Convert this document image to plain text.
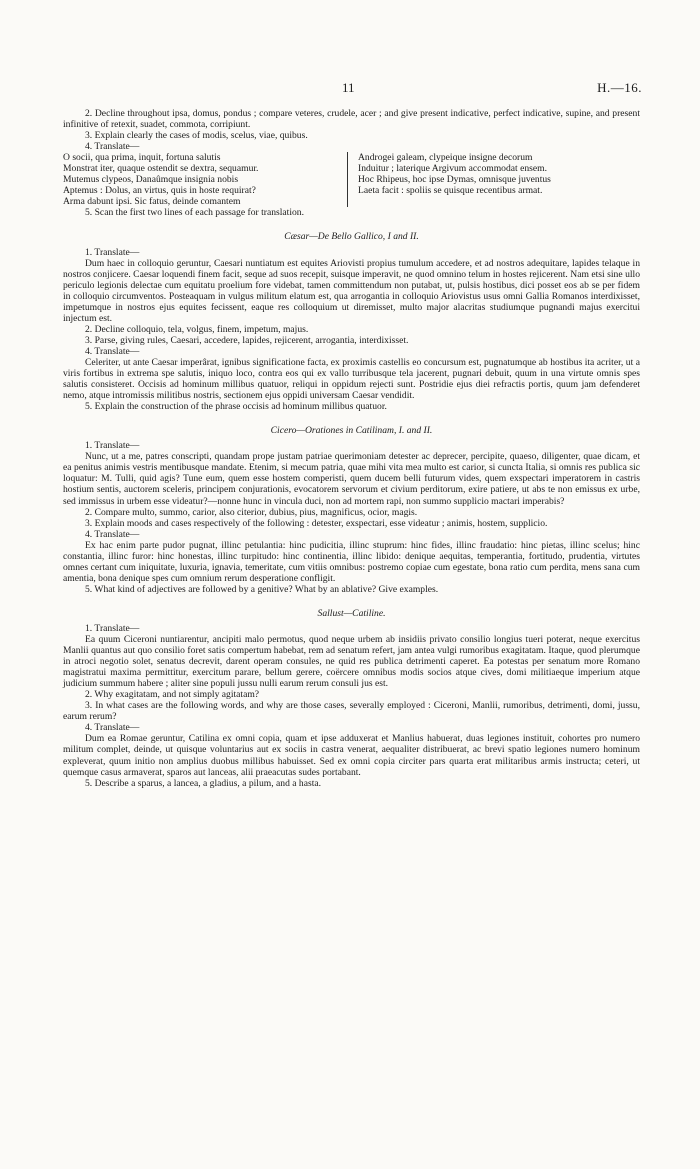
11	H.—16.

2. Decline throughout ipsa, domus, pondus ; compare veteres, crudele, acer ; and give present indicative, perfect indicative, supine, and present infinitive of retexit, suadet, commota, corripiunt.

3. Explain clearly the cases of modis, scelus, viae, quibus.

4. Translate—

O socii, qua prima, inquit, fortuna salutis
Monstrat iter, quaque ostendit se dextra, sequamur.
Mutemus clypeos, Danaûmque insignia nobis
Aptemus : Dolus, an virtus, quis in hoste requirat?
Arma dabunt ipsi. Sic fatus, deinde comantem
Androgei galeam, clypeique insigne decorum
Induitur ; laterique Argivum accommodat ensem.
Hoc Rhipeus, hoc ipse Dymas, omnisque juventus
Laeta facit : spoliis se quisque recentibus armat.

5. Scan the first two lines of each passage for translation.

Cæsar—De Bello Gallico, I and II.

1. Translate—

Dum haec in colloquio geruntur, Caesari nuntiatum est equites Ariovisti propius tumulum accedere, et ad nostros adequitare, lapides telaque in nostros conjicere. Caesar loquendi finem facit, seque ad suos recepit, suisque imperavit, ne quod omnino telum in hostes rejicerent. Nam etsi sine ullo periculo legionis delectae cum equitatu proelium fore videbat, tamen committendum non putabat, ut, pulsis hostibus, dici posset eos ab se per fidem in colloquio circumventos. Posteaquam in vulgus militum elatum est, qua arrogantia in colloquio Ariovistus usus omni Gallia Romanos interdixisset, impetumque in nostros ejus equites fecissent, eaque res colloquium ut diremisset, multo major alacritas studiumque pugnandi majus exercitui injectum est.

2. Decline colloquio, tela, volgus, finem, impetum, majus.

3. Parse, giving rules, Caesari, accedere, lapides, rejicerent, arrogantia, interdixisset.

4. Translate—

Celeriter, ut ante Caesar imperârat, ignibus significatione facta, ex proximis castellis eo concursum est, pugnatumque ab hostibus ita acriter, ut a viris fortibus in extrema spe salutis, iniquo loco, contra eos qui ex vallo turribusque tela jacerent, pugnari debuit, quum in una virtute omnis spes salutis consisteret. Occisis ad hominum millibus quatuor, reliqui in oppidum rejecti sunt. Postridie ejus diei refractis portis, quum jam defenderet nemo, atque intromissis militibus nostris, sectionem ejus oppidi universam Caesar vendidit.

5. Explain the construction of the phrase occisis ad hominum millibus quatuor.

Cicero—Orationes in Catilinam, I. and II.

1. Translate—

Nunc, ut a me, patres conscripti, quandam prope justam patriae querimoniam detester ac deprecer, percipite, quaeso, diligenter, quae dicam, et ea penitus animis vestris mentibusque mandate. Etenim, si mecum patria, quae mihi vita mea multo est carior, si cuncta Italia, si omnis res publica sic loquatur: M. Tulli, quid agis? Tune eum, quem esse hostem comperisti, quem ducem belli futurum vides, quem exspectari imperatorem in castris hostium sentis, auctorem sceleris, principem conjurationis, evocatorem servorum et civium perditorum, exire patiere, ut abs te non emissus ex urbe, sed immissus in urbem esse videatur?—nonne hunc in vincula duci, non ad mortem rapi, non summo supplicio mactari imperabis?

2. Compare multo, summo, carior, also citerior, dubius, pius, magnificus, ocior, magis.

3. Explain moods and cases respectively of the following : detester, exspectari, esse videatur ; animis, hostem, supplicio.

4. Translate—

Ex hac enim parte pudor pugnat, illinc petulantia: hinc pudicitia, illinc stuprum: hinc fides, illinc fraudatio: hinc pietas, illinc scelus; hinc constantia, illinc furor: hinc honestas, illinc turpitudo: hinc continentia, illinc libido: denique aequitas, temperantia, fortitudo, prudentia, virtutes omnes certant cum iniquitate, luxuria, ignavia, temeritate, cum vitiis omnibus: postremo copiae cum egestate, bona ratio cum perdita, mens sana cum amentia, bona denique spes cum omnium rerum desperatione confligit.

5. What kind of adjectives are followed by a genitive? What by an ablative? Give examples.

Sallust—Catiline.

1. Translate—

Ea quum Ciceroni nuntiarentur, ancipiti malo permotus, quod neque urbem ab insidiis privato consilio longius tueri poterat, neque exercitus Manlii quantus aut quo consilio foret satis compertum habebat, rem ad senatum refert, jam antea vulgi rumoribus exagitatam. Itaque, quod plerumque in atroci negotio solet, senatus decrevit, darent operam consules, ne quid res publica detrimenti caperet. Ea potestas per senatum more Romano magistratui maxima permittitur, exercitum parare, bellum gerere, coërcere omnibus modis socios atque cives, domi militiaeque imperium atque judicium summum habere ; aliter sine populi jussu nulli earum rerum consuli jus est.

2. Why exagitatam, and not simply agitatam?

3. In what cases are the following words, and why are those cases, severally employed : Ciceroni, Manlii, rumoribus, detrimenti, domi, jussu, earum rerum?

4. Translate—

Dum ea Romae geruntur, Catilina ex omni copia, quam et ipse adduxerat et Manlius habuerat, duas legiones instituit, cohortes pro numero militum complet, deinde, ut quisque voluntarius aut ex sociis in castra venerat, aequaliter distribuerat, ac brevi spatio legiones numero hominum expleverat, quum initio non amplius duobus millibus habuisset. Sed ex omni copia circiter pars quarta erat militaribus armis instructa; ceteri, ut quemque casus armaverat, sparos aut lanceas, alii praeacutas sudes portabant.

5. Describe a sparus, a lancea, a gladius, a pilum, and a hasta.
